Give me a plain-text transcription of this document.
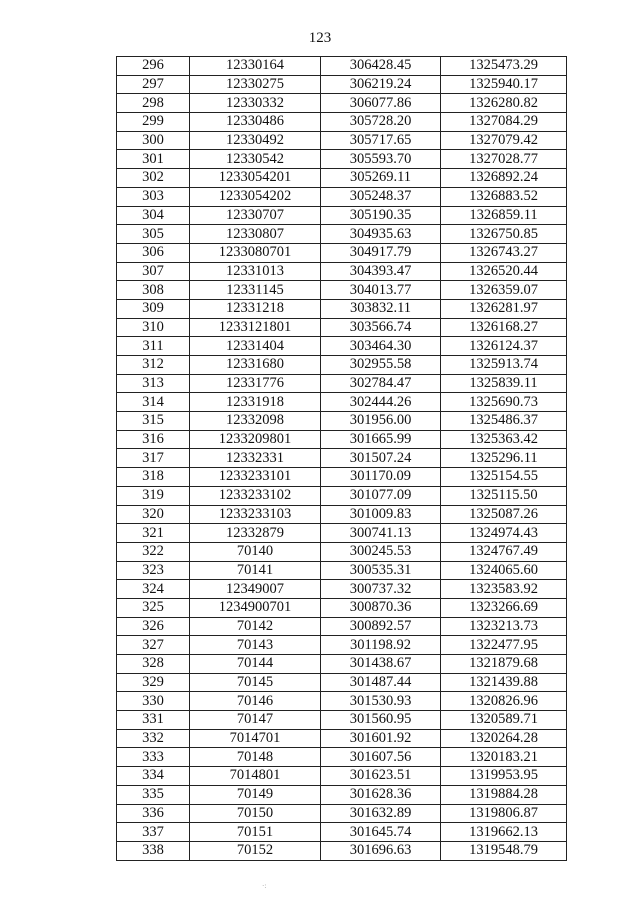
123
296	12330164	306428.45	1325473.29
297	12330275	306219.24	1325940.17
298	12330332	306077.86	1326280.82
299	12330486	305728.20	1327084.29
300	12330492	305717.65	1327079.42
301	12330542	305593.70	1327028.77
302	1233054201	305269.11	1326892.24
303	1233054202	305248.37	1326883.52
304	12330707	305190.35	1326859.11
305	12330807	304935.63	1326750.85
306	1233080701	304917.79	1326743.27
307	12331013	304393.47	1326520.44
308	12331145	304013.77	1326359.07
309	12331218	303832.11	1326281.97
310	1233121801	303566.74	1326168.27
311	12331404	303464.30	1326124.37
312	12331680	302955.58	1325913.74
313	12331776	302784.47	1325839.11
314	12331918	302444.26	1325690.73
315	12332098	301956.00	1325486.37
316	1233209801	301665.99	1325363.42
317	12332331	301507.24	1325296.11
318	1233233101	301170.09	1325154.55
319	1233233102	301077.09	1325115.50
320	1233233103	301009.83	1325087.26
321	12332879	300741.13	1324974.43
322	70140	300245.53	1324767.49
323	70141	300535.31	1324065.60
324	12349007	300737.32	1323583.92
325	1234900701	300870.36	1323266.69
326	70142	300892.57	1323213.73
327	70143	301198.92	1322477.95
328	70144	301438.67	1321879.68
329	70145	301487.44	1321439.88
330	70146	301530.93	1320826.96
331	70147	301560.95	1320589.71
332	7014701	301601.92	1320264.28
333	70148	301607.56	1320183.21
334	7014801	301623.51	1319953.95
335	70149	301628.36	1319884.28
336	70150	301632.89	1319806.87
337	70151	301645.74	1319662.13
338	70152	301696.63	1319548.79
·:
